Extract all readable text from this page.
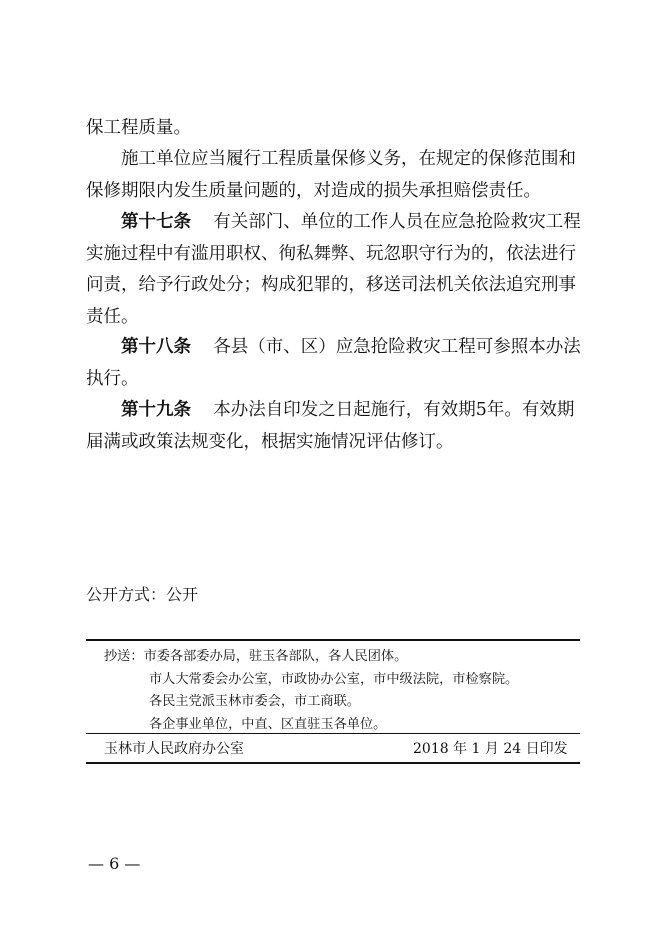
保工程质量。

施工单位应当履行工程质量保修义务，在规定的保修范围和保修期限内发生质量问题的，对造成的损失承担赔偿责任。

第十七条 有关部门、单位的工作人员在应急抢险救灾工程实施过程中有滥用职权、徇私舞弊、玩忽职守行为的，依法进行问责，给予行政处分；构成犯罪的，移送司法机关依法追究刑事责任。

第十八条 各县（市、区）应急抢险救灾工程可参照本办法执行。

第十九条 本办法自印发之日起施行，有效期5年。有效期届满或政策法规变化，根据实施情况评估修订。

公开方式：公开
抄送：市委各部委办局，驻玉各部队，各人民团体。
市人大常委会办公室，市政协办公室，市中级法院，市检察院。
各民主党派玉林市委会，市工商联。
各企事业单位，中直、区直驻玉各单位。
玉林市人民政府办公室	2018 年 1 月 24 日印发
— 6 —
